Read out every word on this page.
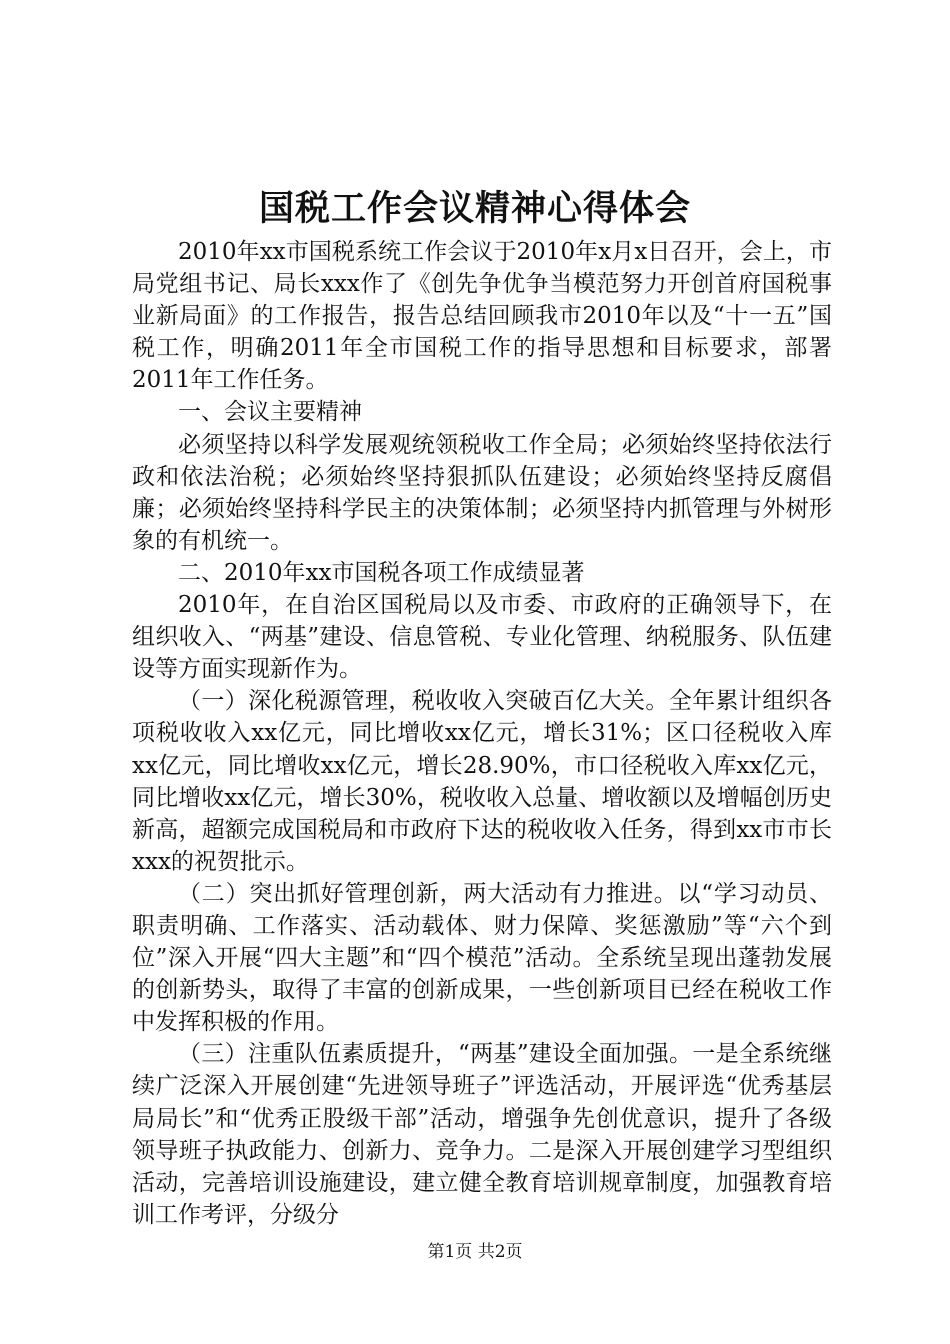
国税工作会议精神心得体会

2010年xx市国税系统工作会议于2010年x月x日召开，会上，市局党组书记、局长xxx作了《创先争优争当模范努力开创首府国税事业新局面》的工作报告，报告总结回顾我市2010年以及“十一五”国税工作，明确2011年全市国税工作的指导思想和目标要求，部署2011年工作任务。

一、会议主要精神

必须坚持以科学发展观统领税收工作全局；必须始终坚持依法行政和依法治税；必须始终坚持狠抓队伍建设；必须始终坚持反腐倡廉；必须始终坚持科学民主的决策体制；必须坚持内抓管理与外树形象的有机统一。

二、2010年xx市国税各项工作成绩显著

2010年，在自治区国税局以及市委、市政府的正确领导下，在组织收入、“两基”建设、信息管税、专业化管理、纳税服务、队伍建设等方面实现新作为。

（一）深化税源管理，税收收入突破百亿大关。全年累计组织各项税收收入xx亿元，同比增收xx亿元，增长31%；区口径税收入库xx亿元，同比增收xx亿元，增长28.90%，市口径税收入库xx亿元，同比增收xx亿元，增长30%，税收收入总量、增收额以及增幅创历史新高，超额完成国税局和市政府下达的税收收入任务，得到xx市市长xxx的祝贺批示。

（二）突出抓好管理创新，两大活动有力推进。以“学习动员、职责明确、工作落实、活动载体、财力保障、奖惩激励”等“六个到位”深入开展“四大主题”和“四个模范”活动。全系统呈现出蓬勃发展的创新势头，取得了丰富的创新成果，一些创新项目已经在税收工作中发挥积极的作用。

（三）注重队伍素质提升，“两基”建设全面加强。一是全系统继续广泛深入开展创建“先进领导班子”评选活动，开展评选“优秀基层局局长”和“优秀正股级干部”活动，增强争先创优意识，提升了各级领导班子执政能力、创新力、竞争力。二是深入开展创建学习型组织活动，完善培训设施建设，建立健全教育培训规章制度，加强教育培训工作考评，分级分

第1页 共2页
